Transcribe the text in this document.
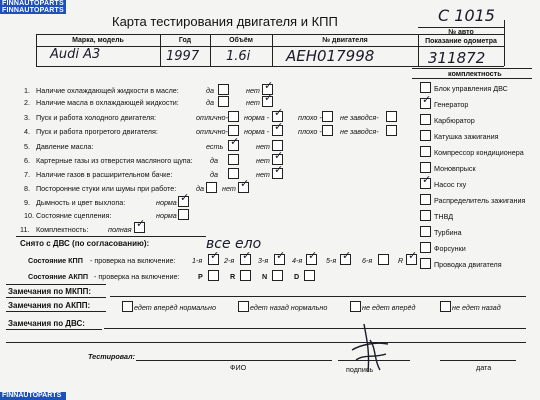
FINNAUTOPARTS
FINNAUTOPARTS
Карта тестирования двигателя и КПП	С 1015
Марка, модель	Год	Объём	№ двигателя
№ авто
Показание одометра
Audi A3	1997 1.6i AEH017998	311872
комплектность
1. Наличие охлаждающей жидкости в масле:	да	нет ✓
2. Наличие масла в охлаждающей жидкости:	да	нет ✓
3. Пуск и работа холодного двигателя:	отлично- норма - ✓ плохо -	не заводся-
4. Пуск и работа прогретого двигателя:	отлично- норма - ✓ плохо -	не заводся-
5. Давление масла:	есть ✓ нет
6. Картерные газы из отверстия масляного щупа: да	нет ✓
7. Наличие газов в расширительном бачке:	да	нет ✓
8. Посторонние стуки или шумы при работе:	да	нет ✓
9. Дымность и цвет выхлопа:	норма ✓
10. Состояние сцепления:	норма
11. Комплектность:	полная ✓
Блок управления ДВС
✓ Генератор
Карбюратор
Катушка зажигания
Компрессор кондиционера
Моновпрыск
✓ Насос гху
Распределитель зажигания
ТНВД
Турбина
Форсунки
Проводка двигателя
Снято с ДВС (по согласованию):	все ело
Состояние КПП - проверка на включение: 1-я ✓ 2-я ✓ 3-я ✓ 4-я ✓ 5-я ✓ 6-я	R ✓
Состояние АКПП - проверка на включение:	P	R	N	D
Замечания по МКПП:
Замечания по АКПП:	едет вперёд нормально	едет назад нормально	не едет вперёд	не едет назад
Замечания по ДВС:
Тестировал:
ФИО	подпись	дата
FINNAUTOPARTS
